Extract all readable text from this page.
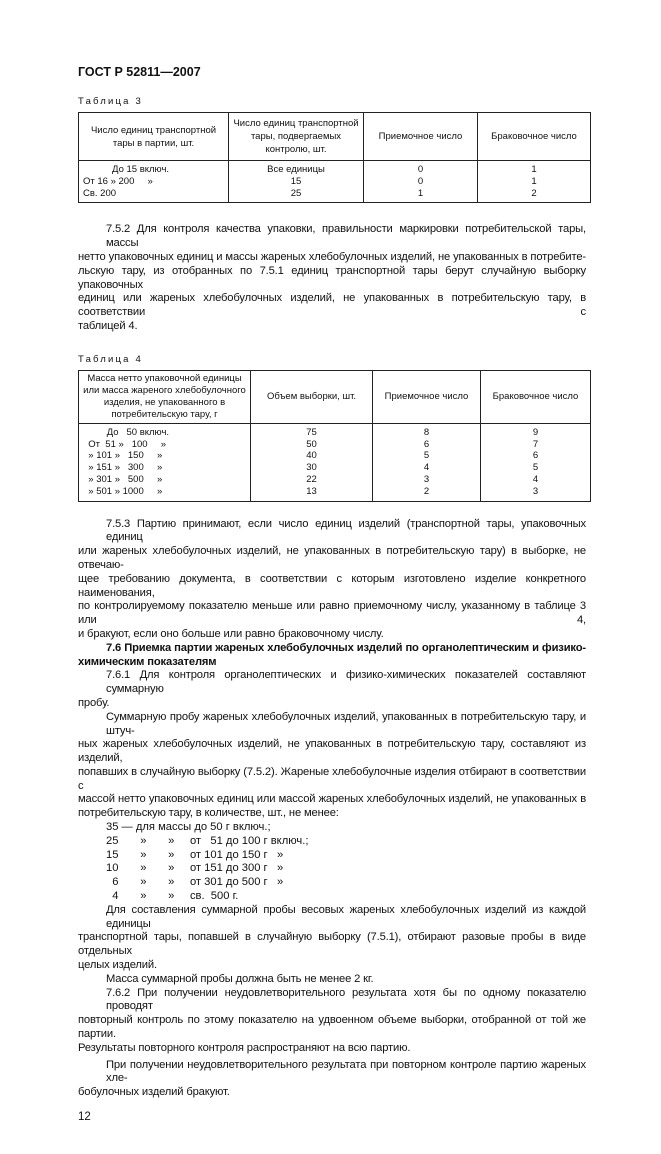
ГОСТ Р 52811—2007
Таблица 3
Число единиц транспортной тары в партии, шт.	Число единиц транспортной тары, подвергаемых контролю, шт.	Приемочное число	Браковочное число
До 15 включ.	Все единицы	0	1
От 16 » 200     »	15	0	1
Св. 200	25	1	2
7.5.2 Для контроля качества упаковки, правильности маркировки потребительской тары, массы
нетто упаковочных единиц и массы жареных хлебобулочных изделий, не упакованных в потребите-
льскую тару, из отобранных по 7.5.1 единиц транспортной тары берут случайную выборку упаковочных
единиц или жареных хлебобулочных изделий, не упакованных в потребительскую тару, в соответствии с
таблицей 4.
Таблица 4
Масса нетто упаковочной единицы или масса жареного хлебобулочного изделия, не упакованного в потребительскую тару, г	Объем выборки, шт.	Приемочное число	Браковочное число
До   50 включ.	75	8	9
От  51 »   100     »	50	6	7
» 101 »   150     »	40	5	6
» 151 »   300     »	30	4	5
» 301 »   500     »	22	3	4
» 501 » 1000     »	13	2	3
7.5.3 Партию принимают, если число единиц изделий (транспортной тары, упаковочных единиц
или жареных хлебобулочных изделий, не упакованных в потребительскую тару) в выборке, не отвечаю-
щее требованию документа, в соответствии с которым изготовлено изделие конкретного наименования,
по контролируемому показателю меньше или равно приемочному числу, указанному в таблице 3 или 4,
и бракуют, если оно больше или равно браковочному числу.
7.6 Приемка партии жареных хлебобулочных изделий по органолептическим и физико-
химическим показателям
7.6.1 Для контроля органолептических и физико-химических показателей составляют суммарную
пробу.
Суммарную пробу жареных хлебобулочных изделий, упакованных в потребительскую тару, и штуч-
ных жареных хлебобулочных изделий, не упакованных в потребительскую тару, составляют из изделий,
попавших в случайную выборку (7.5.2). Жареные хлебобулочные изделия отбирают в соответствии с
массой нетто упаковочных единиц или массой жареных хлебобулочных изделий, не упакованных в
потребительскую тару, в количестве, шт., не менее:
35 — для массы до 50 г включ.;
25       »       »     от   51 до 100 г включ.;
15       »       »     от 101 до 150 г   »
10       »       »     от 151 до 300 г   »
6       »       »     от 301 до 500 г   »
4       »       »     св.  500 г.
Для составления суммарной пробы весовых жареных хлебобулочных изделий из каждой единицы
транспортной тары, попавшей в случайную выборку (7.5.1), отбирают разовые пробы в виде отдельных
целых изделий.
Масса суммарной пробы должна быть не менее 2 кг.
7.6.2 При получении неудовлетворительного результата хотя бы по одному показателю проводят
повторный контроль по этому показателю на удвоенном объеме выборки, отобранной от той же партии.
Результаты повторного контроля распространяют на всю партию.
При получении неудовлетворительного результата при повторном контроле партию жареных хле-
бобулочных изделий бракуют.
12
